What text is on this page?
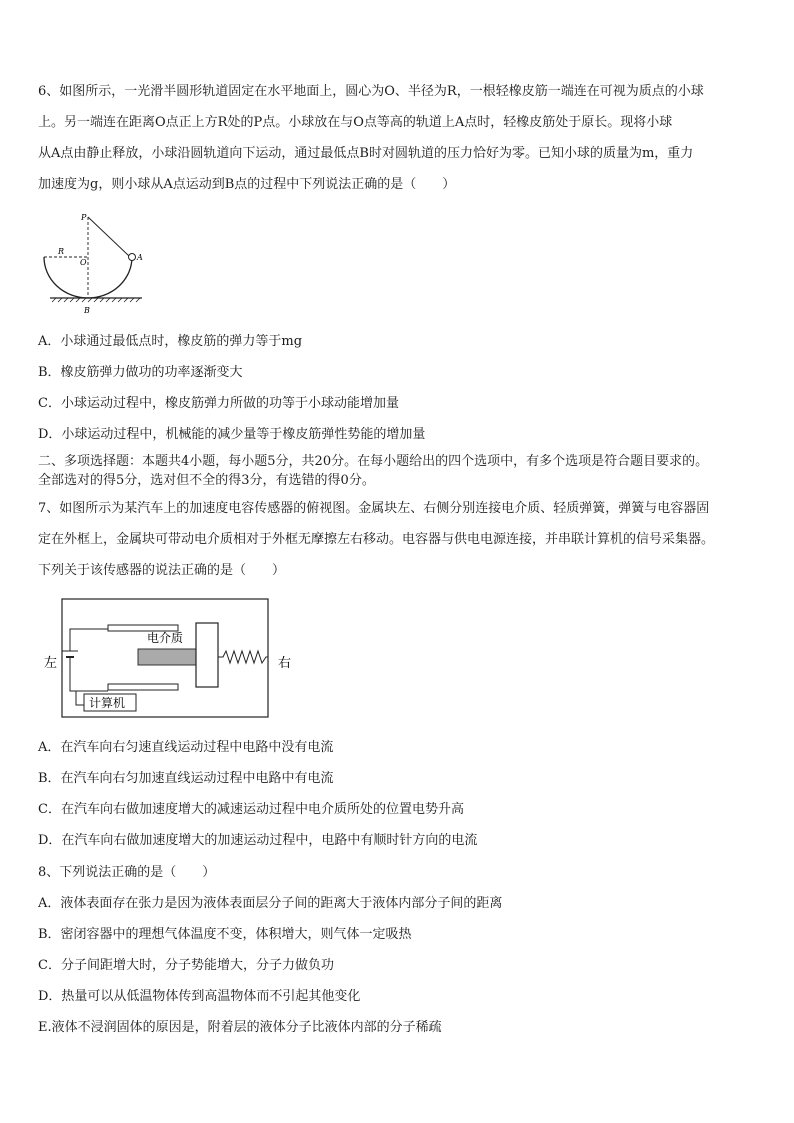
6、如图所示，一光滑半圆形轨道固定在水平地面上，圆心为O、半径为R，一根轻橡皮筋一端连在可视为质点的小球
上。另一端连在距离O点正上方R处的P点。小球放在与O点等高的轨道上A点时，轻橡皮筋处于原长。现将小球
从A点由静止释放，小球沿圆轨道向下运动，通过最低点B时对圆轨道的压力恰好为零。已知小球的质量为m，重力
加速度为g，则小球从A点运动到B点的过程中下列说法正确的是（　　）
P
R
O
A
B
A．小球通过最低点时，橡皮筋的弹力等于mg
B．橡皮筋弹力做功的功率逐渐变大
C．小球运动过程中，橡皮筋弹力所做的功等于小球动能增加量
D．小球运动过程中，机械能的减少量等于橡皮筋弹性势能的增加量
二、多项选择题：本题共4小题，每小题5分，共20分。在每小题给出的四个选项中，有多个选项是符合题目要求的。
全部选对的得5分，选对但不全的得3分，有选错的得0分。
7、如图所示为某汽车上的加速度电容传感器的俯视图。金属块左、右侧分别连接电介质、轻质弹簧，弹簧与电容器固
定在外框上，金属块可带动电介质相对于外框无摩擦左右移动。电容器与供电电源连接，并串联计算机的信号采集器。
下列关于该传感器的说法正确的是（　　）
计算机
电介质
左	右
A．在汽车向右匀速直线运动过程中电路中没有电流
B．在汽车向右匀加速直线运动过程中电路中有电流
C．在汽车向右做加速度增大的减速运动过程中电介质所处的位置电势升高
D．在汽车向右做加速度增大的加速运动过程中，电路中有顺时针方向的电流
8、下列说法正确的是（　　）
A．液体表面存在张力是因为液体表面层分子间的距离大于液体内部分子间的距离
B．密闭容器中的理想气体温度不变，体积增大，则气体一定吸热
C．分子间距增大时，分子势能增大，分子力做负功
D．热量可以从低温物体传到高温物体而不引起其他变化
E.液体不浸润固体的原因是，附着层的液体分子比液体内部的分子稀疏
